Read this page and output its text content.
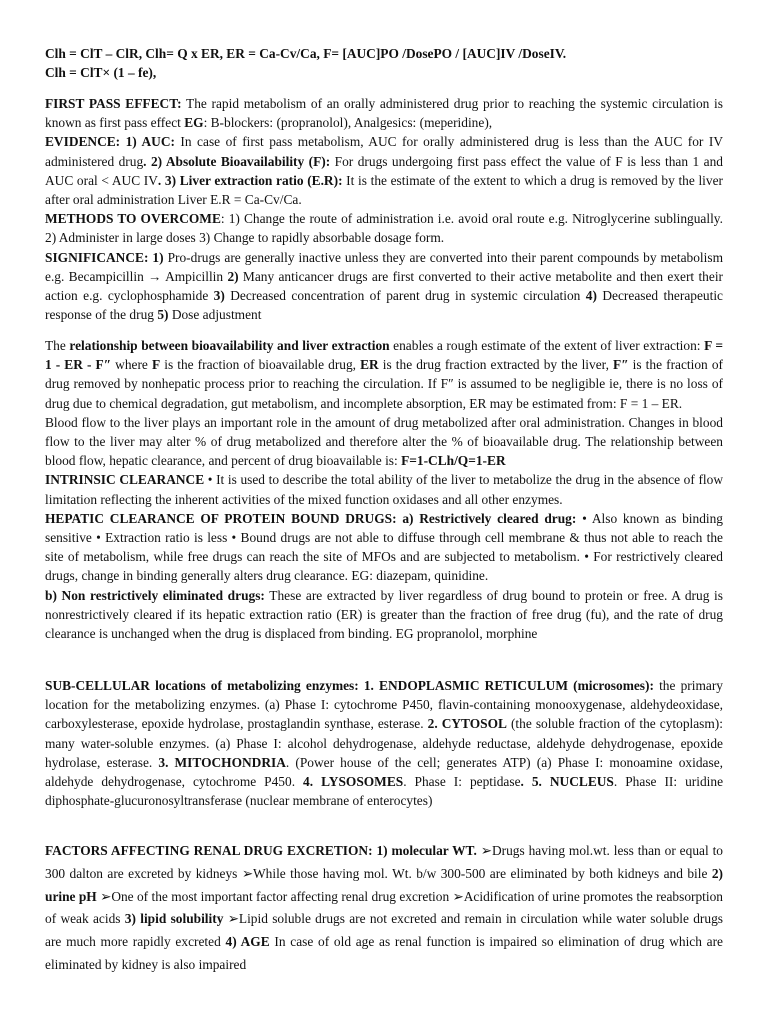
Clh = ClT – ClR, Clh= Q x ER, ER = Ca-Cv/Ca, F= [AUC]PO /DosePO / [AUC]IV /DoseIV.
Clh = ClT× (1 – fe),
FIRST PASS EFFECT: The rapid metabolism of an orally administered drug prior to reaching the systemic circulation is known as first pass effect EG: B-blockers: (propranolol), Analgesics: (meperidine),
EVIDENCE: 1) AUC: In case of first pass metabolism, AUC for orally administered drug is less than the AUC for IV administered drug. 2) Absolute Bioavailability (F): For drugs undergoing first pass effect the value of F is less than 1 and AUC oral < AUC IV. 3) Liver extraction ratio (E.R): It is the estimate of the extent to which a drug is removed by the liver after oral administration Liver E.R = Ca-Cv/Ca.
METHODS TO OVERCOME: 1) Change the route of administration i.e. avoid oral route e.g. Nitroglycerine sublingually. 2) Administer in large doses 3) Change to rapidly absorbable dosage form.
SIGNIFICANCE: 1) Pro-drugs are generally inactive unless they are converted into their parent compounds by metabolism e.g. Becampicillin → Ampicillin 2) Many anticancer drugs are first converted to their active metabolite and then exert their action e.g. cyclophosphamide 3) Decreased concentration of parent drug in systemic circulation 4) Decreased therapeutic response of the drug 5) Dose adjustment
The relationship between bioavailability and liver extraction enables a rough estimate of the extent of liver extraction: F = 1 - ER - F″ where F is the fraction of bioavailable drug, ER is the drug fraction extracted by the liver, F″ is the fraction of drug removed by nonhepatic process prior to reaching the circulation. If F″ is assumed to be negligible ie, there is no loss of drug due to chemical degradation, gut metabolism, and incomplete absorption, ER may be estimated from: F = 1 – ER.
Blood flow to the liver plays an important role in the amount of drug metabolized after oral administration. Changes in blood flow to the liver may alter % of drug metabolized and therefore alter the % of bioavailable drug. The relationship between blood flow, hepatic clearance, and percent of drug bioavailable is: F=1-CLh/Q=1-ER
INTRINSIC CLEARANCE • It is used to describe the total ability of the liver to metabolize the drug in the absence of flow limitation reflecting the inherent activities of the mixed function oxidases and all other enzymes.
HEPATIC CLEARANCE OF PROTEIN BOUND DRUGS: a) Restrictively cleared drug: • Also known as binding sensitive • Extraction ratio is less • Bound drugs are not able to diffuse through cell membrane & thus not able to reach the site of metabolism, while free drugs can reach the site of MFOs and are subjected to metabolism. • For restrictively cleared drugs, change in binding generally alters drug clearance. EG: diazepam, quinidine.
b) Non restrictively eliminated drugs: These are extracted by liver regardless of drug bound to protein or free. A drug is nonrestrictively cleared if its hepatic extraction ratio (ER) is greater than the fraction of free drug (fu), and the rate of drug clearance is unchanged when the drug is displaced from binding. EG propranolol, morphine
SUB-CELLULAR locations of metabolizing enzymes: 1. ENDOPLASMIC RETICULUM (microsomes): the primary location for the metabolizing enzymes. (a) Phase I: cytochrome P450, flavin-containing monooxygenase, aldehydeoxidase, carboxylesterase, epoxide hydrolase, prostaglandin synthase, esterase. 2. CYTOSOL (the soluble fraction of the cytoplasm): many water-soluble enzymes. (a) Phase I: alcohol dehydrogenase, aldehyde reductase, aldehyde dehydrogenase, epoxide hydrolase, esterase. 3. MITOCHONDRIA. (Power house of the cell; generates ATP) (a) Phase I: monoamine oxidase, aldehyde dehydrogenase, cytochrome P450. 4. LYSOSOMES. Phase I: peptidase. 5. NUCLEUS. Phase II: uridine diphosphate-glucuronosyltransferase (nuclear membrane of enterocytes)
FACTORS AFFECTING RENAL DRUG EXCRETION: 1) molecular WT. ➢Drugs having mol.wt. less than or equal to 300 dalton are excreted by kidneys ➢While those having mol. Wt. b/w 300-500 are eliminated by both kidneys and bile 2) urine pH ➢One of the most important factor affecting renal drug excretion ➢Acidification of urine promotes the reabsorption of weak acids 3) lipid solubility ➢Lipid soluble drugs are not excreted and remain in circulation while water soluble drugs are much more rapidly excreted 4) AGE In case of old age as renal function is impaired so elimination of drug which are eliminated by kidney is also impaired
